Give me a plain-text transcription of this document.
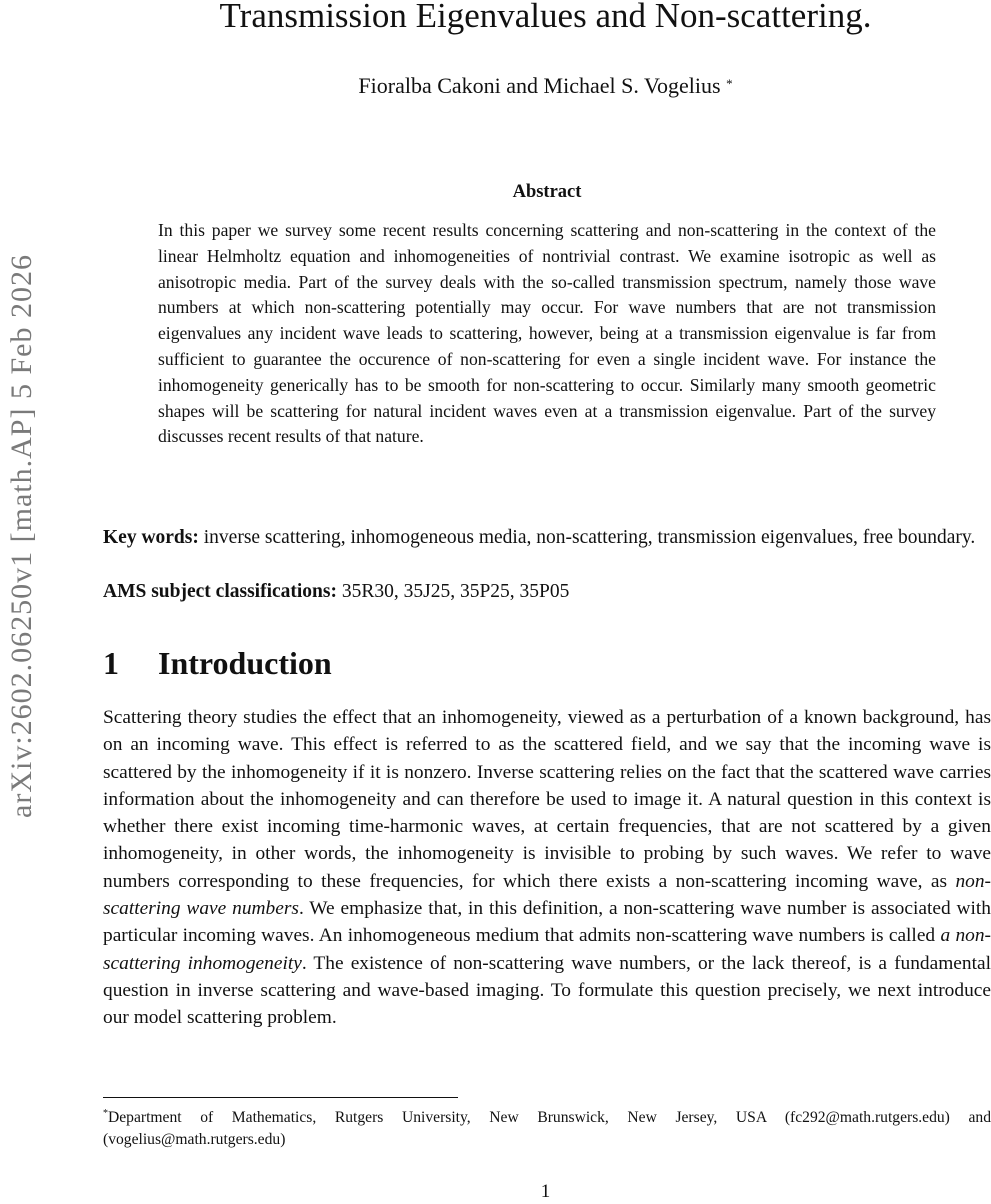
arXiv:2602.06250v1 [math.AP] 5 Feb 2026
Transmission Eigenvalues and Non-scattering.
Fioralba Cakoni and Michael S. Vogelius *
Abstract

In this paper we survey some recent results concerning scattering and non-scattering in the context of the linear Helmholtz equation and inhomogeneities of nontrivial contrast. We examine isotropic as well as anisotropic media. Part of the survey deals with the so-called transmission spectrum, namely those wave numbers at which non-scattering potentially may occur. For wave numbers that are not transmission eigenvalues any incident wave leads to scattering, however, being at a transmission eigenvalue is far from sufficient to guarantee the occurence of non-scattering for even a single incident wave. For instance the inhomogeneity generically has to be smooth for non-scattering to occur. Similarly many smooth geometric shapes will be scattering for natural incident waves even at a transmission eigenvalue. Part of the survey discusses recent results of that nature.

Key words: inverse scattering, inhomogeneous media, non-scattering, transmission eigenvalues, free boundary.

AMS subject classifications: 35R30, 35J25, 35P25, 35P05

1 Introduction

Scattering theory studies the effect that an inhomogeneity, viewed as a perturbation of a known background, has on an incoming wave. This effect is referred to as the scattered field, and we say that the incoming wave is scattered by the inhomogeneity if it is nonzero. Inverse scattering relies on the fact that the scattered wave carries information about the inhomogeneity and can therefore be used to image it. A natural question in this context is whether there exist incoming time-harmonic waves, at certain frequencies, that are not scattered by a given inhomogeneity, in other words, the inhomogeneity is invisible to probing by such waves. We refer to wave numbers corresponding to these frequencies, for which there exists a non-scattering incoming wave, as non-scattering wave numbers. We emphasize that, in this definition, a non-scattering wave number is associated with particular incoming waves. An inhomogeneous medium that admits non-scattering wave numbers is called a non-scattering inhomogeneity. The existence of non-scattering wave numbers, or the lack thereof, is a fundamental question in inverse scattering and wave-based imaging. To formulate this question precisely, we next introduce our model scattering problem.

*Department of Mathematics, Rutgers University, New Brunswick, New Jersey, USA (fc292@math.rutgers.edu) and (vogelius@math.rutgers.edu)

1
